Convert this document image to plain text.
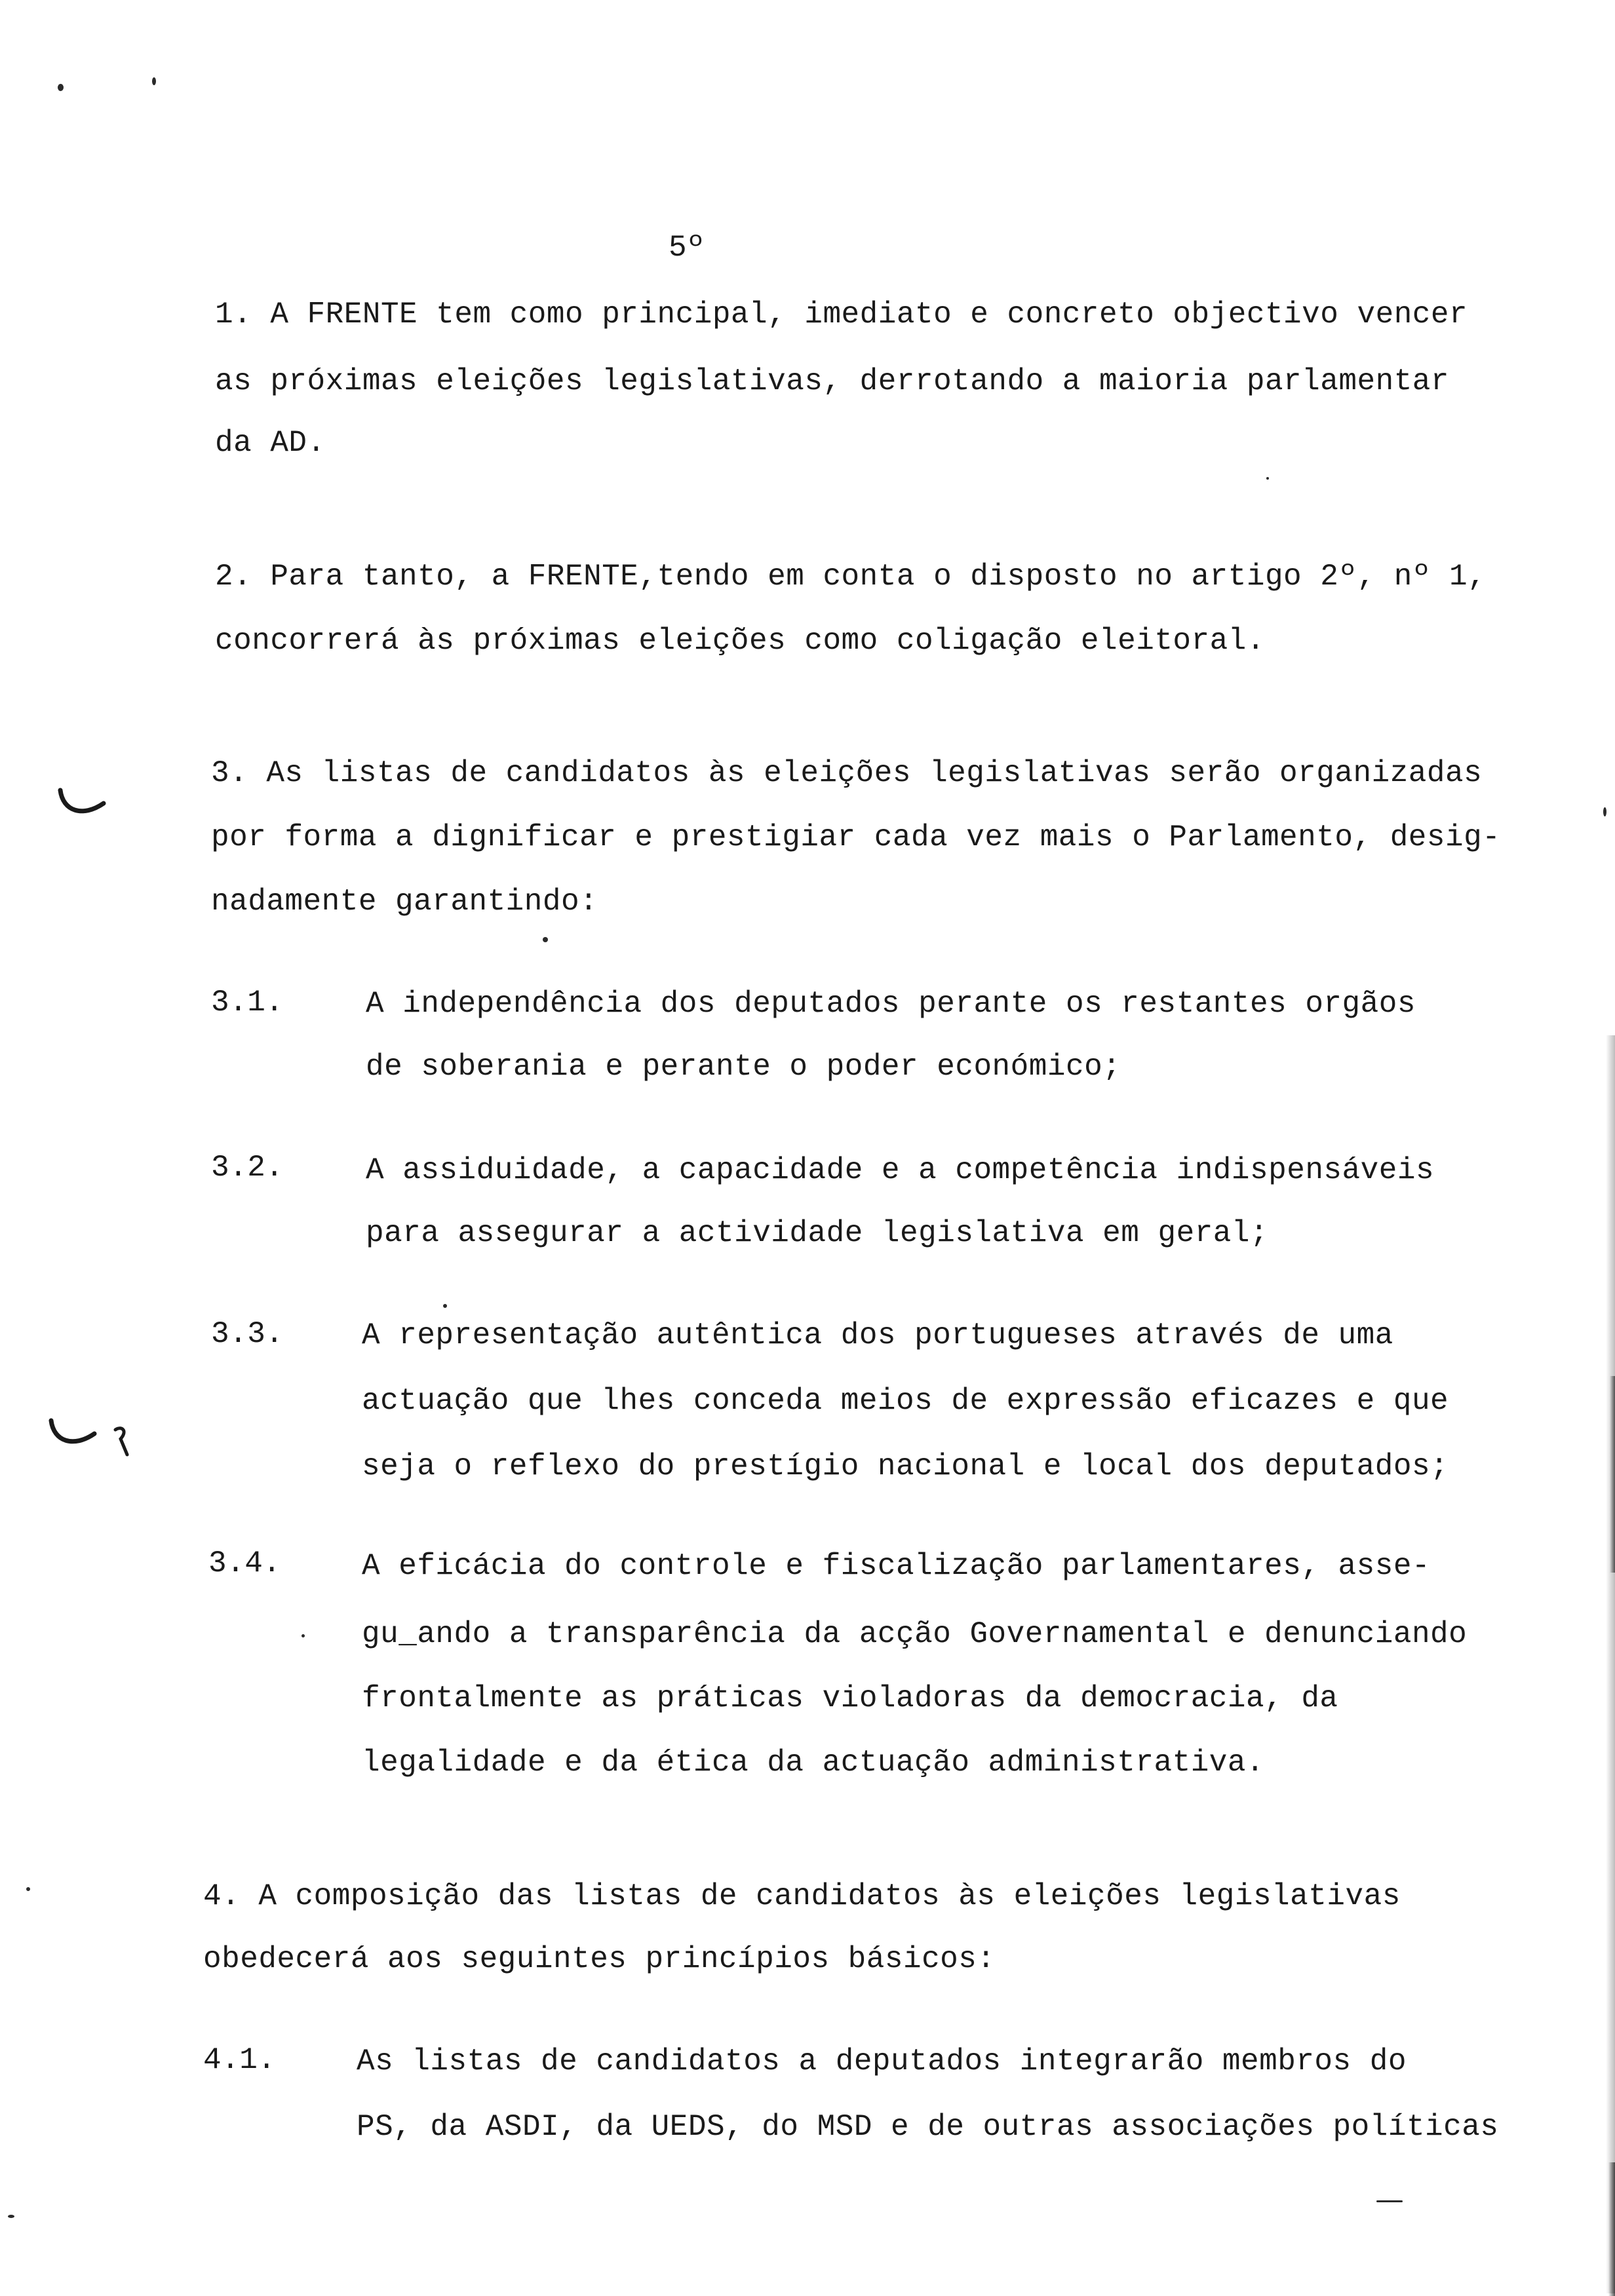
5º
1. A FRENTE tem como principal, imediato e concreto objectivo vencer
as próximas eleições legislativas, derrotando a maioria parlamentar
da AD.
2. Para tanto, a FRENTE,tendo em conta o disposto no artigo 2º, nº 1,
concorrerá às próximas eleições como coligação eleitoral.
3. As listas de candidatos às eleições legislativas serão organizadas
por forma a dignificar e prestigiar cada vez mais o Parlamento, desig-
nadamente garantindo:
3.1.	A independência dos deputados perante os restantes orgãos
de soberania e perante o poder económico;
3.2.	A assiduidade, a capacidade e a competência indispensáveis
para assegurar a actividade legislativa em geral;
3.3.	A representação autêntica dos portugueses através de uma
actuação que lhes conceda meios de expressão eficazes e que
seja o reflexo do prestígio nacional e local dos deputados;
3.4.	A eficácia do controle e fiscalização parlamentares, asse-
gu_ando a transparência da acção Governamental e denunciando
frontalmente as práticas violadoras da democracia, da
legalidade e da ética da actuação administrativa.
4. A composição das listas de candidatos às eleições legislativas
obedecerá aos seguintes princípios básicos:
4.1.	As listas de candidatos a deputados integrarão membros do
PS, da ASDI, da UEDS, do MSD e de outras associações políticas
